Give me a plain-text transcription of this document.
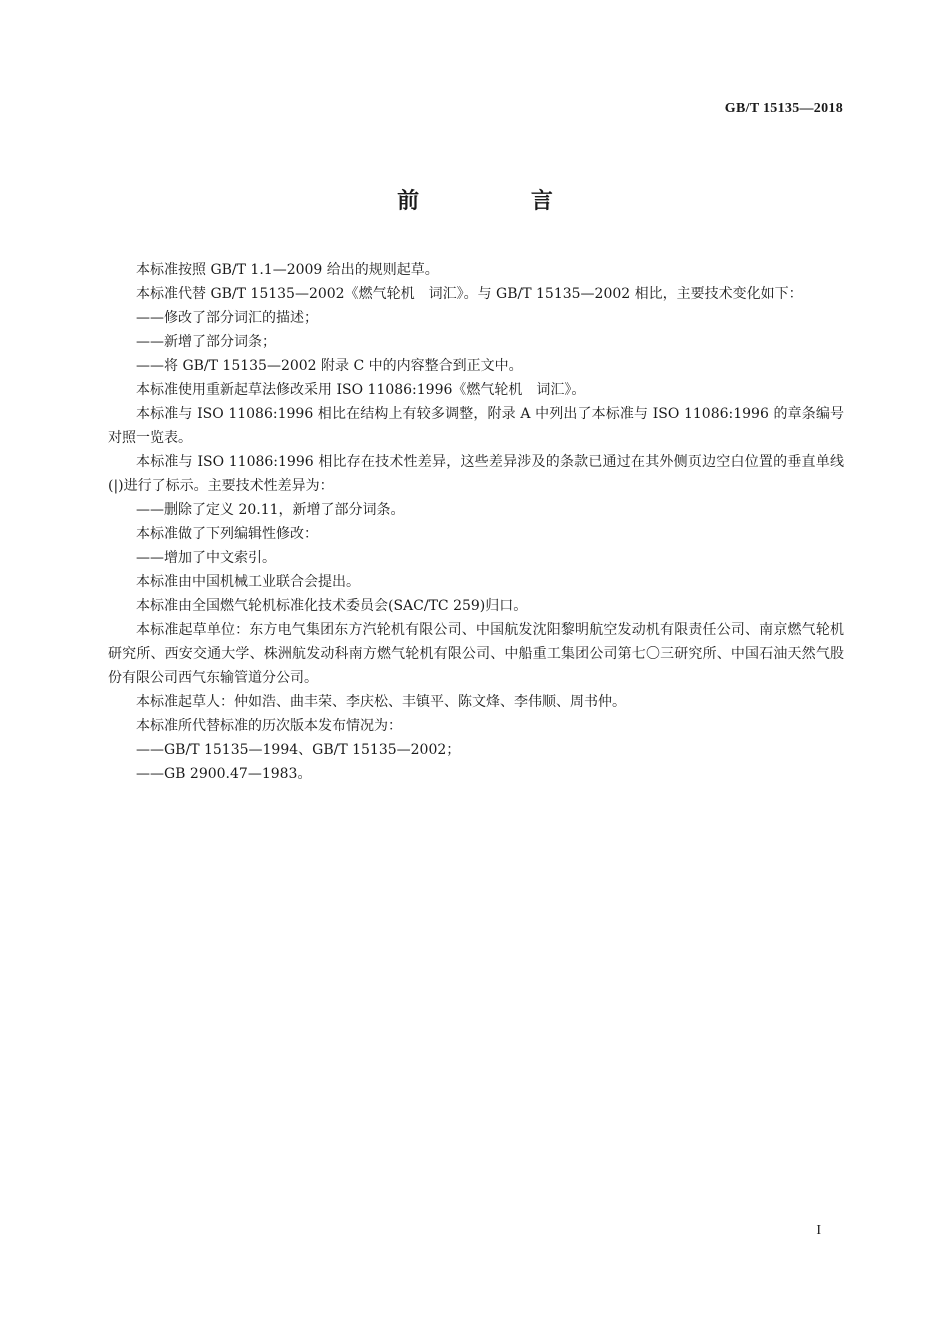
GB/T 15135—2018
前 言

本标准按照 GB/T 1.1—2009 给出的规则起草。

本标准代替 GB/T 15135—2002《燃气轮机　词汇》。与 GB/T 15135—2002 相比，主要技术变化如下：

——修改了部分词汇的描述；

——新增了部分词条；

——将 GB/T 15135—2002 附录 C 中的内容整合到正文中。

本标准使用重新起草法修改采用 ISO 11086:1996《燃气轮机　词汇》。

本标准与 ISO 11086:1996 相比在结构上有较多调整，附录 A 中列出了本标准与 ISO 11086:1996 的章条编号对照一览表。

本标准与 ISO 11086:1996 相比存在技术性差异，这些差异涉及的条款已通过在其外侧页边空白位置的垂直单线(|)进行了标示。主要技术性差异为：

——删除了定义 20.11，新增了部分词条。

本标准做了下列编辑性修改：

——增加了中文索引。

本标准由中国机械工业联合会提出。

本标准由全国燃气轮机标准化技术委员会(SAC/TC 259)归口。

本标准起草单位：东方电气集团东方汽轮机有限公司、中国航发沈阳黎明航空发动机有限责任公司、南京燃气轮机研究所、西安交通大学、株洲航发动科南方燃气轮机有限公司、中船重工集团公司第七〇三研究所、中国石油天然气股份有限公司西气东输管道分公司。

本标准起草人：仲如浩、曲丰荣、李庆松、丰镇平、陈文烽、李伟顺、周书仲。

本标准所代替标准的历次版本发布情况为：

——GB/T 15135—1994、GB/T 15135—2002；

——GB 2900.47—1983。

I
